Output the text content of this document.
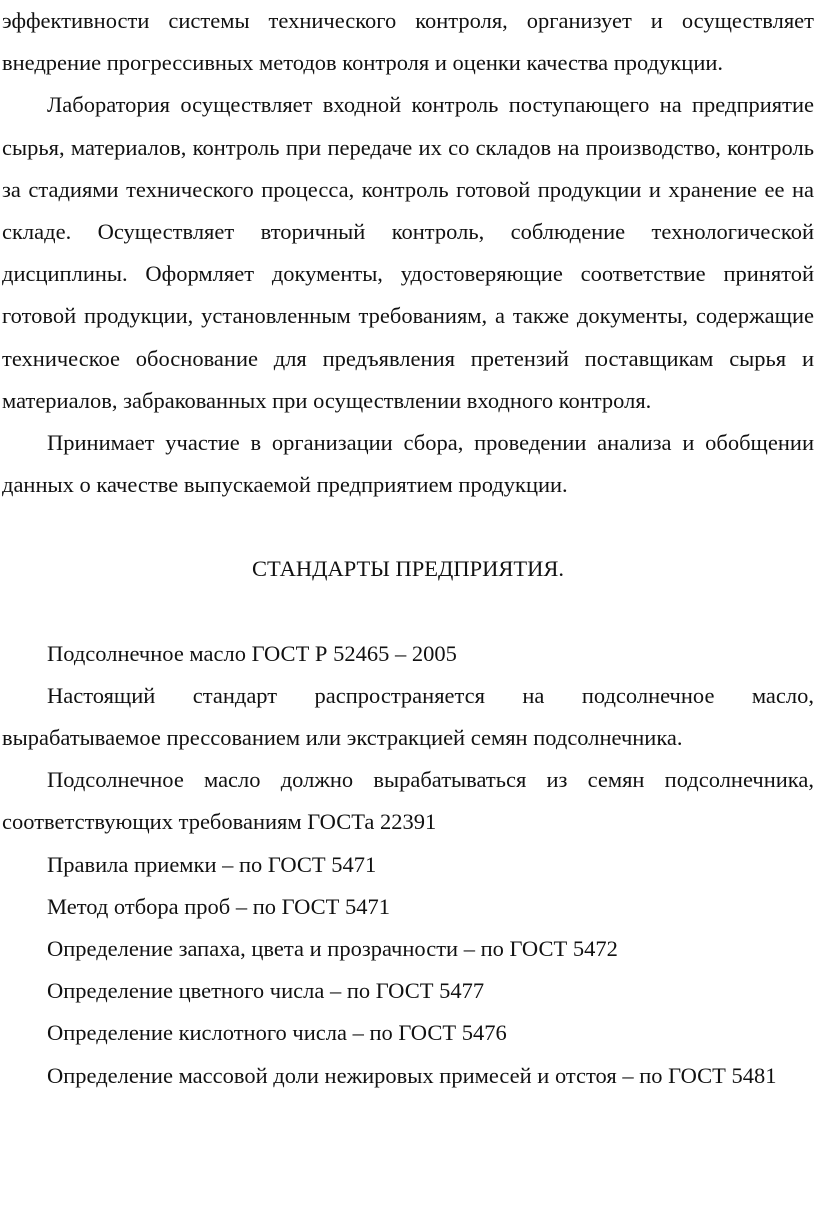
эффективности системы технического контроля, организует и осуществляет внедрение прогрессивных методов контроля и оценки качества продукции.

Лаборатория осуществляет входной контроль поступающего на предприятие сырья, материалов, контроль при передаче их со складов на производство, контроль за стадиями технического процесса, контроль готовой продукции и хранение ее на складе. Осуществляет вторичный контроль, соблюдение технологической дисциплины. Оформляет документы, удостоверяющие соответствие принятой готовой продукции, установленным требованиям, а также документы, содержащие техническое обоснование для предъявления претензий поставщикам сырья и материалов, забракованных при осуществлении входного контроля.

Принимает участие в организации сбора, проведении анализа и обобщении данных о качестве выпускаемой предприятием продукции.

СТАНДАРТЫ ПРЕДПРИЯТИЯ.

Подсолнечное масло ГОСТ Р 52465 – 2005

Настоящий стандарт распространяется на подсолнечное масло, вырабатываемое прессованием или экстракцией семян подсолнечника.

Подсолнечное масло должно вырабатываться из семян подсолнечника, соответствующих требованиям ГОСТа 22391

Правила приемки – по ГОСТ 5471

Метод отбора проб – по ГОСТ 5471

Определение запаха, цвета и прозрачности – по ГОСТ 5472

Определение цветного числа – по ГОСТ 5477

Определение кислотного числа – по ГОСТ 5476

Определение массовой доли нежировых примесей и отстоя – по ГОСТ 5481
